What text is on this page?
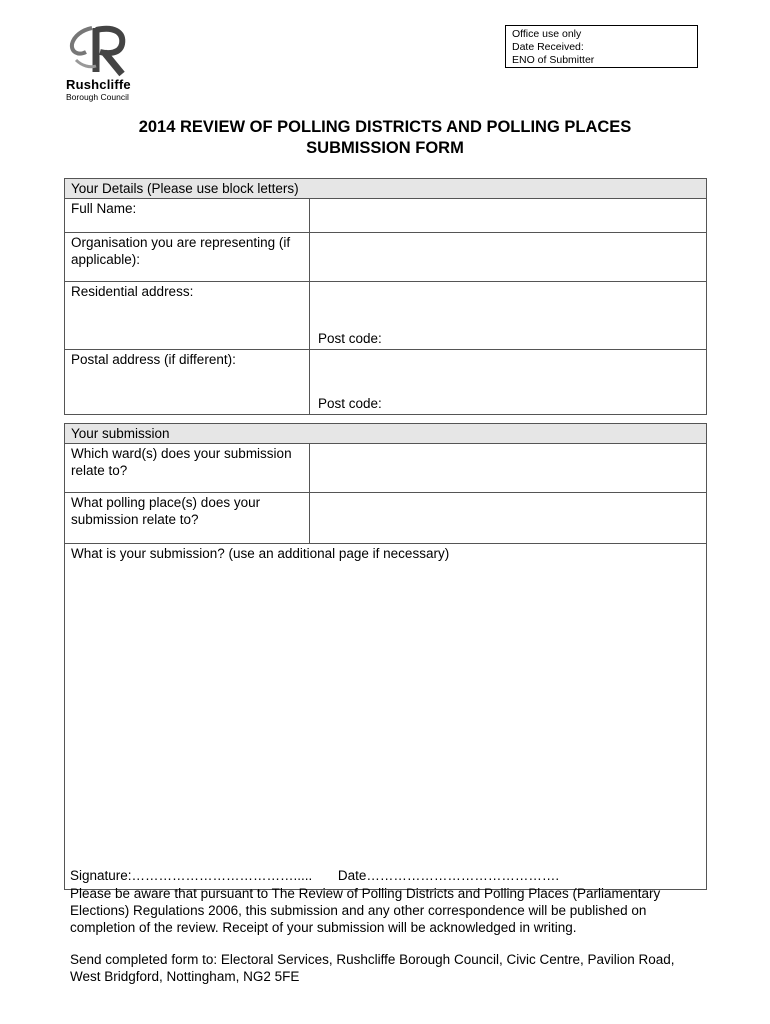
Rushcliffe
Borough Council
Office use only
Date Received:
ENO of Submitter
2014 REVIEW OF POLLING DISTRICTS AND POLLING PLACES
SUBMISSION FORM
Your Details (Please use block letters)	
Full Name:	
Organisation you are representing (if applicable):	
Residential address:	Post code:

Postal address (if different):	Post code:
Your submission	
Which ward(s) does your submission relate to?	
What polling place(s) does your submission relate to?	
What is your submission? (use an additional page if necessary)	
Signature:………………………………..... Date…………………………………….
Please be aware that pursuant to The Review of Polling Districts and Polling Places (Parliamentary Elections) Regulations 2006, this submission and any other correspondence will be published on completion of the review. Receipt of your submission will be acknowledged in writing.
Send completed form to: Electoral Services, Rushcliffe Borough Council, Civic Centre, Pavilion Road, West Bridgford, Nottingham, NG2 5FE
